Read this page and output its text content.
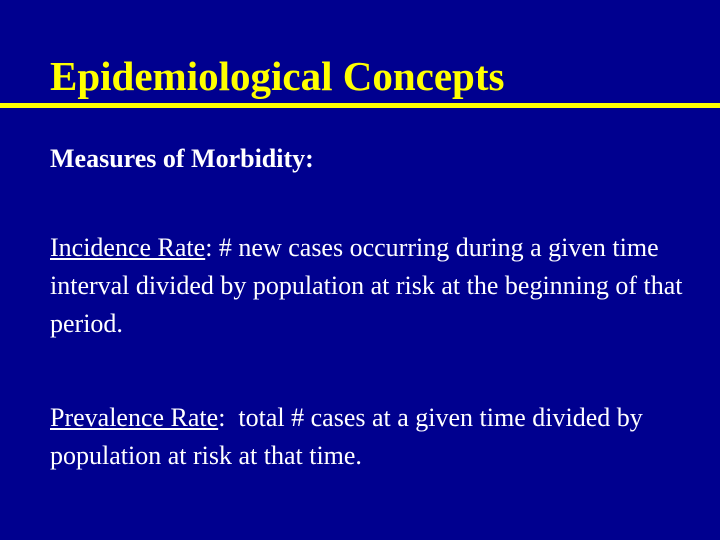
Epidemiological Concepts

Measures of Morbidity:

Incidence Rate: # new cases occurring during a given time interval divided by population at risk at the beginning of that period.

Prevalence Rate:  total # cases at a given time divided by population at risk at that time.
